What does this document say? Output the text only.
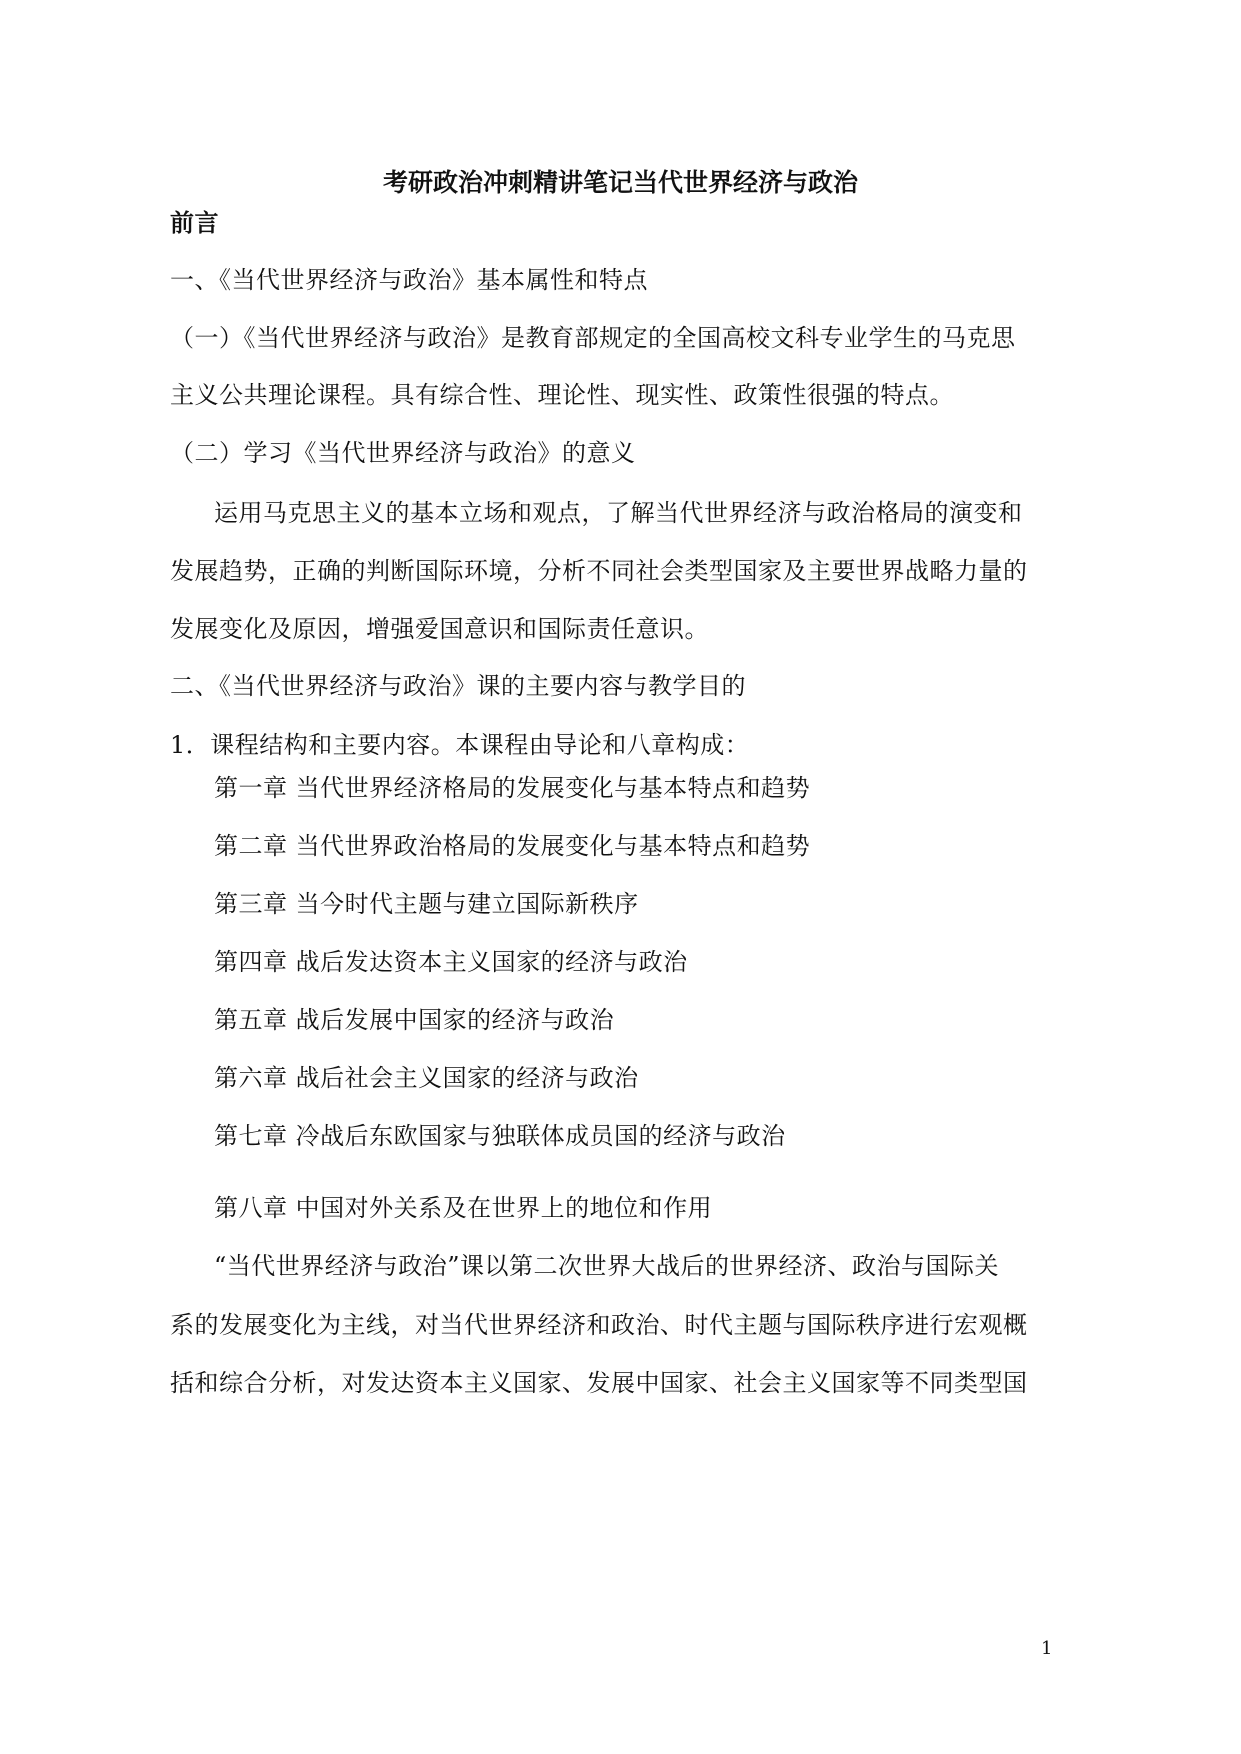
考研政治冲刺精讲笔记当代世界经济与政治
前言
一、《当代世界经济与政治》基本属性和特点
（一）《当代世界经济与政治》是教育部规定的全国高校文科专业学生的马克思
主义公共理论课程。具有综合性、理论性、现实性、政策性很强的特点。
（二）学习《当代世界经济与政治》的意义
运用马克思主义的基本立场和观点，了解当代世界经济与政治格局的演变和
发展趋势，正确的判断国际环境，分析不同社会类型国家及主要世界战略力量的
发展变化及原因，增强爱国意识和国际责任意识。
二、《当代世界经济与政治》课的主要内容与教学目的
1．课程结构和主要内容。本课程由导论和八章构成：
第一章 当代世界经济格局的发展变化与基本特点和趋势
第二章 当代世界政治格局的发展变化与基本特点和趋势
第三章 当今时代主题与建立国际新秩序
第四章 战后发达资本主义国家的经济与政治
第五章 战后发展中国家的经济与政治
第六章 战后社会主义国家的经济与政治
第七章 冷战后东欧国家与独联体成员国的经济与政治
第八章 中国对外关系及在世界上的地位和作用
“当代世界经济与政治”课以第二次世界大战后的世界经济、政治与国际关
系的发展变化为主线，对当代世界经济和政治、时代主题与国际秩序进行宏观概
括和综合分析，对发达资本主义国家、发展中国家、社会主义国家等不同类型国
1
